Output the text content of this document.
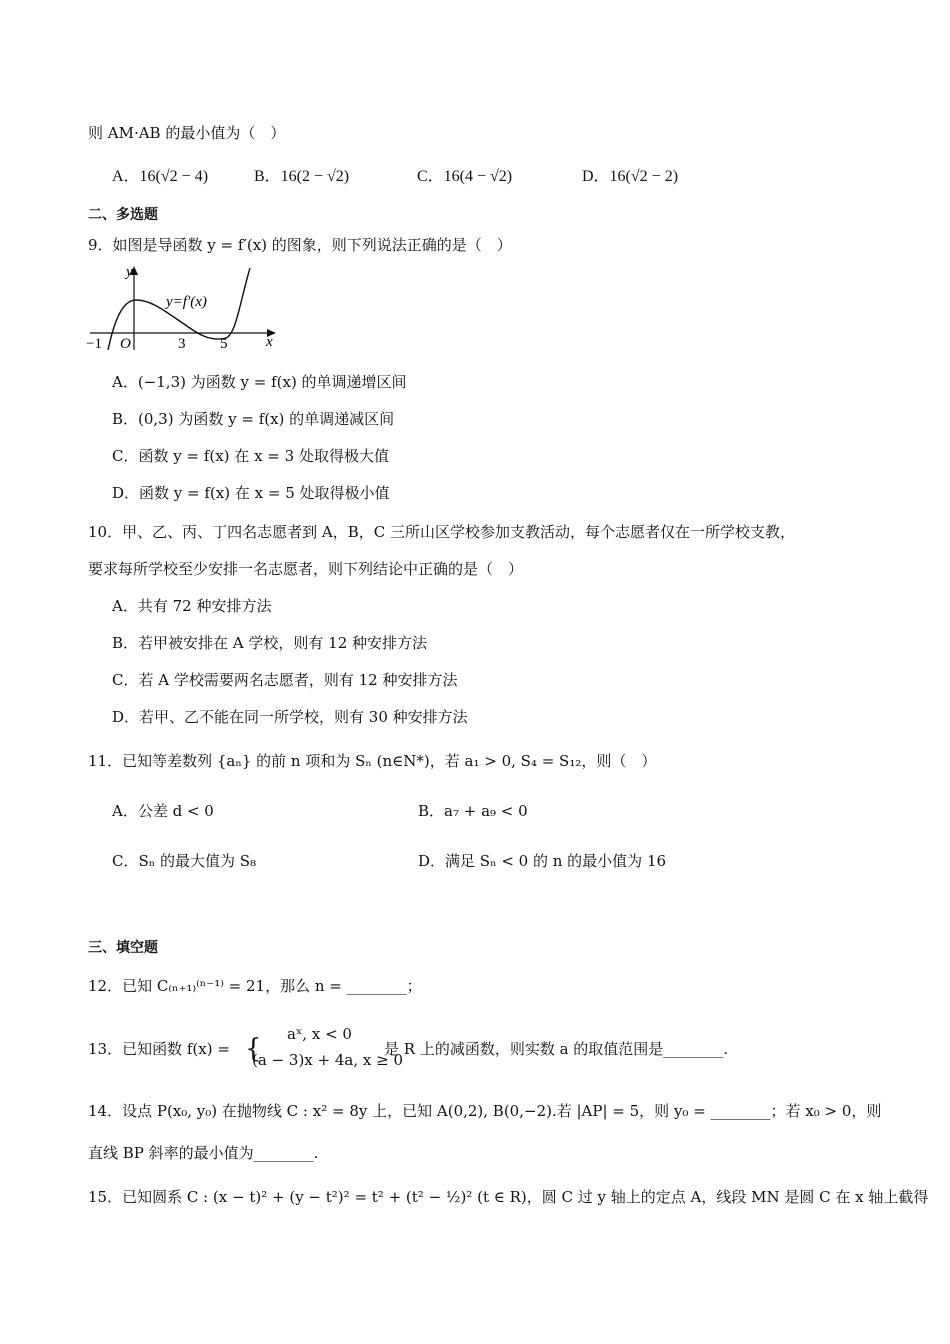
则 AM·AB 的最小值为（　）
A．16(√2 − 4)	B．16(2 − √2)	C．16(4 − √2)	D．16(√2 − 2)
二、多选题
9．如图是导函数 y = f′(x) 的图象，则下列说法正确的是（　）
y
x
y=f′(x)
O
−1	3 5
A．(−1,3) 为函数 y = f(x) 的单调递增区间
B．(0,3) 为函数 y = f(x) 的单调递减区间
C．函数 y = f(x) 在 x = 3 处取得极大值
D．函数 y = f(x) 在 x = 5 处取得极小值
10．甲、乙、丙、丁四名志愿者到 A，B，C 三所山区学校参加支教活动，每个志愿者仅在一所学校支教，
要求每所学校至少安排一名志愿者，则下列结论中正确的是（　）
A．共有 72 种安排方法
B．若甲被安排在 A 学校，则有 12 种安排方法
C．若 A 学校需要两名志愿者，则有 12 种安排方法
D．若甲、乙不能在同一所学校，则有 30 种安排方法
11．已知等差数列 {aₙ} 的前 n 项和为 Sₙ (n∈N*)，若 a₁ > 0, S₄ = S₁₂，则（　）
A．公差 d < 0	B．a₇ + a₉ < 0
C．Sₙ 的最大值为 S₈	D．满足 Sₙ < 0 的 n 的最小值为 16
三、填空题
12．已知 C₍ₙ₊₁₎⁽ⁿ⁻¹⁾ = 21，那么 n = ________；
13．已知函数 f(x) = { aˣ, x < 0
(a − 3)x + 4a, x ≥ 0
是 R 上的减函数，则实数 a 的取值范围是________.
14．设点 P(x₀, y₀) 在抛物线 C : x² = 8y 上，已知 A(0,2), B(0,−2).若 |AP| = 5，则 y₀ = ________；若 x₀ > 0，则
直线 BP 斜率的最小值为________.
15．已知圆系 C : (x − t)² + (y − t²)² = t² + (t² − ½)² (t ∈ R)，圆 C 过 y 轴上的定点 A，线段 MN 是圆 C 在 x 轴上截得
